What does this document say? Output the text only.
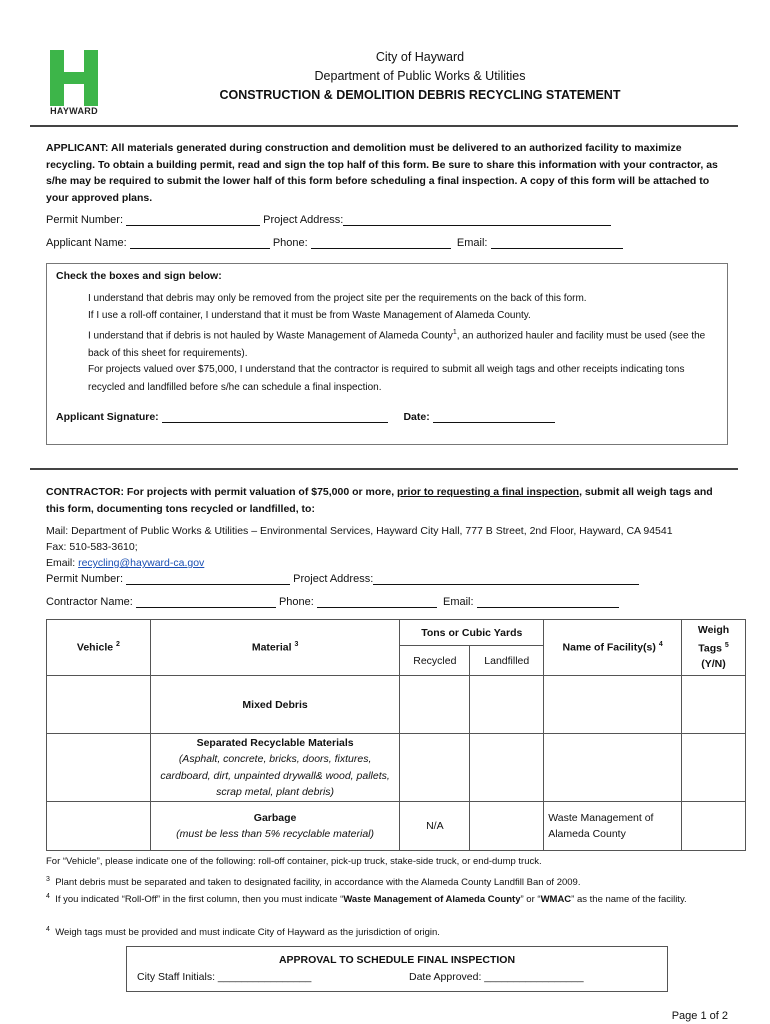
HAYWARD
City of Hayward
Department of Public Works & Utilities
CONSTRUCTION & DEMOLITION DEBRIS RECYCLING STATEMENT
APPLICANT: All materials generated during construction and demolition must be delivered to an authorized facility to maximize recycling. To obtain a building permit, read and sign the top half of this form. Be sure to share this information with your contractor, as s/he may be required to submit the lower half of this form before scheduling a final inspection. A copy of this form will be attached to your approved plans.
Permit Number:	Project Address:
Applicant Name:	Phone:	Email:
Check the boxes and sign below:
I understand that debris may only be removed from the project site per the requirements on the back of this form.
If I use a roll-off container, I understand that it must be from Waste Management of Alameda County.
I understand that if debris is not hauled by Waste Management of Alameda County$^1$, an authorized hauler and facility must be used (see the back of this sheet for requirements).
For projects valued over $75,000, I understand that the contractor is required to submit all weigh tags and other receipts indicating tons recycled and landfilled before s/he can schedule a final inspection.
Applicant Signature:	Date:
CONTRACTOR: For projects with permit valuation of $75,000 or more, prior to requesting a final inspection, submit all weigh tags and this form, documenting tons recycled or landfilled, to:
Mail: Department of Public Works & Utilities – Environmental Services, Hayward City Hall, 777 B Street, 2nd Floor, Hayward, CA 94541
Fax: 510-583-3610;
Email: recycling@hayward-ca.gov
Permit Number:	Project Address:
Contractor Name:	Phone:	Email:
Vehicle $^2$	Material $^3$	Tons or Cubic Yards		Name of Facility(s) $^4$	Weigh
Tags $^5$
(Y/N)
		Recycled	Landfilled		
	Mixed Debris				
	Separated Recyclable Materials
(Asphalt, concrete, bricks, doors, fixtures, cardboard, dirt, unpainted drywall& wood, pallets, scrap metal, plant debris)				
	Garbage
(must be less than 5% recyclable material)	N/A		Waste Management of Alameda County	
For “Vehicle”, please indicate one of the following: roll-off container, pick-up truck, stake-side truck, or end-dump truck.
$^3$ Plant debris must be separated and taken to designated facility, in accordance with the Alameda County Landfill Ban of 2009.
$^4$ If you indicated “Roll-Off” in the first column, then you must indicate “Waste Management of Alameda County” or “WMAC” as the name of the facility.
$^4$ Weigh tags must be provided and must indicate City of Hayward as the jurisdiction of origin.
APPROVAL TO SCHEDULE FINAL INSPECTION
City Staff Initials: ________________	Date Approved: _________________
Page 1 of 2
